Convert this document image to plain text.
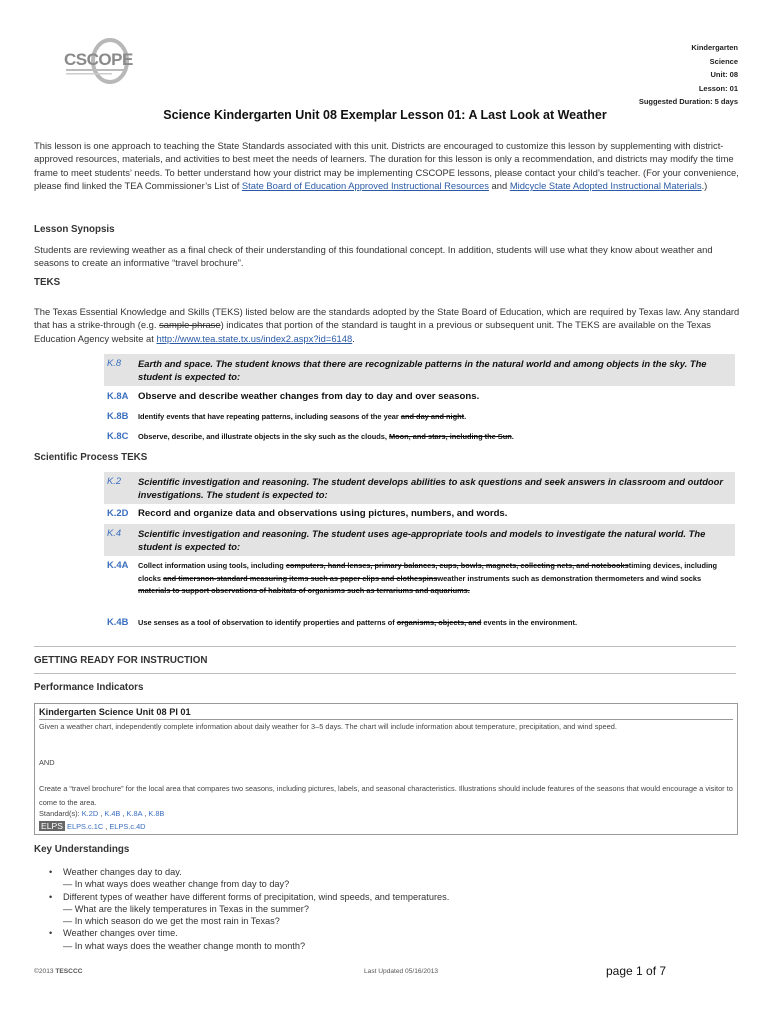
CSCOPE
Kindergarten
Science
Unit: 08
Lesson: 01
Suggested Duration: 5 days
Science Kindergarten Unit 08 Exemplar Lesson 01: A Last Look at Weather
This lesson is one approach to teaching the State Standards associated with this unit. Districts are encouraged to customize this lesson by supplementing with district-approved resources, materials, and activities to best meet the needs of learners. The duration for this lesson is only a recommendation, and districts may modify the time frame to meet students’ needs. To better understand how your district may be implementing CSCOPE lessons, please contact your child’s teacher. (For your convenience, please find linked the TEA Commissioner’s List of State Board of Education Approved Instructional Resources and Midcycle State Adopted Instructional Materials.)
Lesson Synopsis
Students are reviewing weather as a final check of their understanding of this foundational concept. In addition, students will use what they know about weather and seasons to create an informative “travel brochure”.
TEKS
The Texas Essential Knowledge and Skills (TEKS) listed below are the standards adopted by the State Board of Education, which are required by Texas law. Any standard that has a strike-through (e.g. sample phrase) indicates that portion of the standard is taught in a previous or subsequent unit. The TEKS are available on the Texas Education Agency website at http://www.tea.state.tx.us/index2.aspx?id=6148.
K.8 Earth and space. The student knows that there are recognizable patterns in the natural world and among objects in the sky. The student is expected to:
K.8A Observe and describe weather changes from day to day and over seasons.
K.8B Identify events that have repeating patterns, including seasons of the year and day and night.
K.8C Observe, describe, and illustrate objects in the sky such as the clouds, Moon, and stars, including the Sun.
Scientific Process TEKS
K.2 Scientific investigation and reasoning. The student develops abilities to ask questions and seek answers in classroom and outdoor investigations. The student is expected to:
K.2D Record and organize data and observations using pictures, numbers, and words.
K.4 Scientific investigation and reasoning. The student uses age-appropriate tools and models to investigate the natural world. The student is expected to:
K.4A Collect information using tools, including computers, hand lenses, primary balances, cups, bowls, magnets, collecting nets, and notebookstiming devices, including clocks and timersnon-standard measuring items such as paper clips and clothespinsweather instruments such as demonstration thermometers and wind socks materials to support observations of habitats of organisms such as terrariums and aquariums.
K.4B Use senses as a tool of observation to identify properties and patterns of organisms, objects, and events in the environment.
GETTING READY FOR INSTRUCTION
Performance Indicators
Kindergarten Science Unit 08 PI 01
Given a weather chart, independently complete information about daily weather for 3–5 days. The chart will include information about temperature, precipitation, and wind speed.
AND
Create a “travel brochure” for the local area that compares two seasons, including pictures, labels, and seasonal characteristics. Illustrations should include features of the seasons that would encourage a visitor to come to the area.
Standard(s): K.2D , K.4B , K.8A , K.8B
ELPS ELPS.c.1C , ELPS.c.4D
Key Understandings
• Weather changes day to day.
— In what ways does weather change from day to day?
• Different types of weather have different forms of precipitation, wind speeds, and temperatures.
— What are the likely temperatures in Texas in the summer?
— In which season do we get the most rain in Texas?
• Weather changes over time.
— In what ways does the weather change month to month?
©2013 TESCCC	Last Updated 05/16/2013	page 1 of 7
